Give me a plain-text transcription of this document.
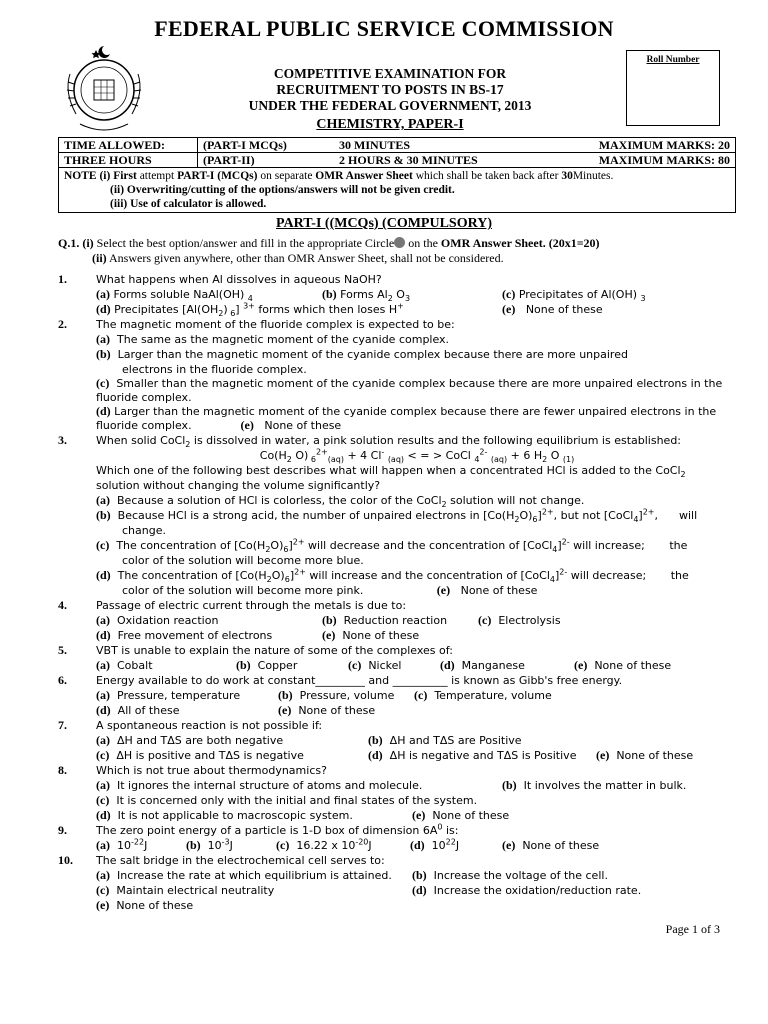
FEDERAL PUBLIC SERVICE COMMISSION
COMPETITIVE EXAMINATION FOR
RECRUITMENT TO POSTS IN BS-17
UNDER THE FEDERAL GOVERNMENT, 2013
CHEMISTRY, PAPER-I
Roll Number
TIME ALLOWED:	(PART-I MCQs) 30 MINUTES MAXIMUM MARKS: 20

THREE HOURS	(PART-II) 2 HOURS & 30 MINUTES MAXIMUM MARKS: 80

NOTE (i) First attempt PART-I (MCQs) on separate OMR Answer Sheet which shall be taken back after 30Minutes.
(ii) Overwriting/cutting of the options/answers will not be given credit.
(iii) Use of calculator is allowed.	
PART-I ((MCQs) (COMPULSORY)
Q.1. (i) Select the best option/answer and fill in the appropriate Circle on the OMR Answer Sheet. (20x1=20)
(ii) Answers given anywhere, other than OMR Answer Sheet, shall not be considered.
1.	What happens when Al dissolves in aqueous NaOH?
(a) Forms soluble NaAl(OH) $_4$	(b) Forms $Al_2$ $O_3$	(c) Precipitates of Al(OH) $_3$
(d) Precipitates [$Al(OH_2)$ $_6$] $^{3+}$ forms which then loses H+	(e) None of these
2.	The magnetic moment of the fluoride complex is expected to be:
(a) The same as the magnetic moment of the cyanide complex.
(b) Larger than the magnetic moment of the cyanide complex because there are more unpaired
electrons in the fluoride complex.
(c) Smaller than the magnetic moment of the cyanide complex because there are more unpaired electrons in the fluoride complex.
(d) Larger than the magnetic moment of the cyanide complex because there are fewer unpaired electrons in the fluoride complex.	(e) None of these
3.	When solid CoCl$_2$ is dissolved in water, a pink solution results and the following equilibrium is established:
$Co(H_2$ O) $_6^{2+}_{(aq)}$ + 4 Cl- $_{(aq)}$ < = > CoCl $_4^{2-}$ $_{(aq)}$ + 6 $H_2$ O $_{(1)}$
Which one of the following best describes what will happen when a concentrated HCl is added to the CoCl$_2$
solution without changing the volume significantly?
(a) Because a solution of HCl is colorless, the color of the CoCl$_2$ solution will not change.
(b) Because HCl is a strong acid, the number of unpaired electrons in $[Co(H_2O)_6]^{2+}$, but not [CoCl$_4$]$^{2+}$,      will
change.
(c) The concentration of $[Co(H_2O)_6]^{2+}$ will decrease and the concentration of [CoCl$_4$]$^{2-}$ will increase; the
color of the solution will become more blue.
(d) The concentration of $[Co(H_2O)_6]^{2+}$ will increase and the concentration of [CoCl$_4$]$^{2-}$ will decrease; the
color of the solution will become more pink.	(e) None of these
4.	Passage of electric current through the metals is due to:
(a) Oxidation reaction	(b) Reduction reaction	(c) Electrolysis
(d) Free movement of electrons	(e) None of these
5.	VBT is unable to explain the nature of some of the complexes of:
(a) Cobalt	(b) Copper	(c) Nickel	(d) Manganese	(e) None of these
6.	Energy available to do work at constant_________ and __________ is known as Gibb's free energy.
(a) Pressure, temperature	(b) Pressure, volume (c) Temperature, volume
(d) All of these	(e) None of these
7.	A spontaneous reaction is not possible if:
(a) ΔH and TΔS are both negative	(b) ΔH and TΔS are Positive
(c) ΔH is positive and TΔS is negative	(d) ΔH is negative and TΔS is Positive (e) None of these
8.	Which is not true about thermodynamics?
(a) It ignores the internal structure of atoms and molecule.	(b) It involves the matter in bulk.
(c) It is concerned only with the initial and final states of the system.
(d) It is not applicable to macroscopic system.	(e) None of these
9.	The zero point energy of a particle is 1-D box of dimension $6A^0$ is:
(a) $10^{-22}J$	(b) $10^{-3}J$	(c) 16.22 x $10^{-20}J$	(d) $10^{22}J$	(e) None of these
10. The salt bridge in the electrochemical cell serves to:
(a) Increase the rate at which equilibrium is attained. (b) Increase the voltage of the cell.
(c) Maintain electrical neutrality	(d) Increase the oxidation/reduction rate.
(e) None of these
Page 1 of 3
